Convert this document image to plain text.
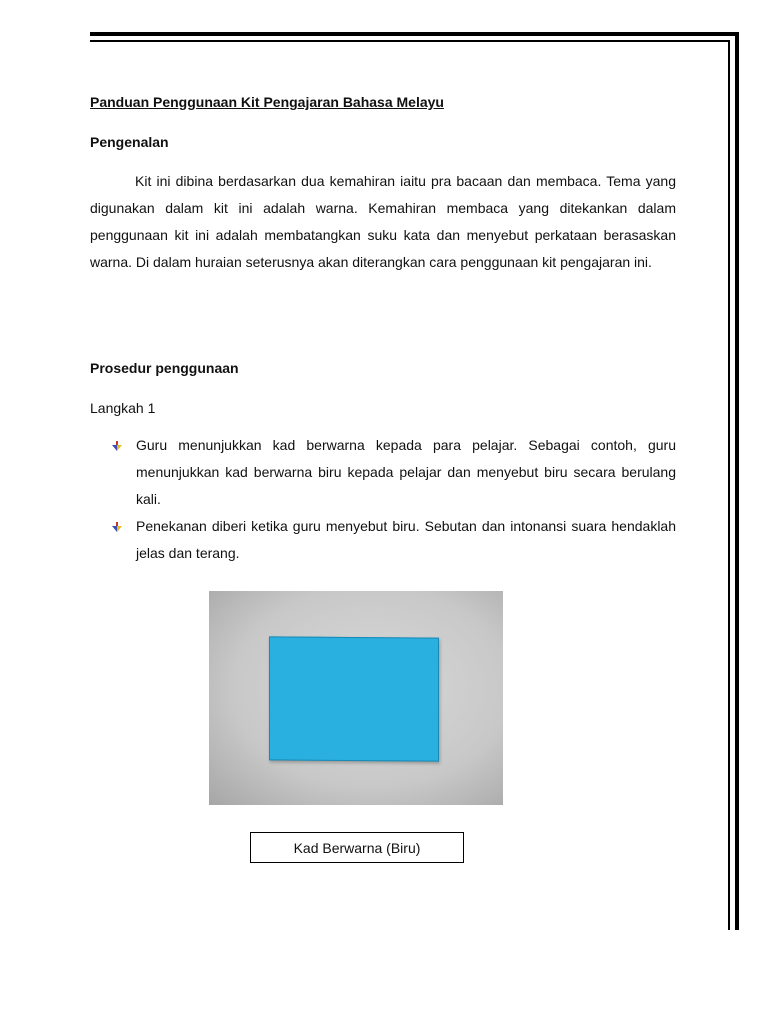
Panduan Penggunaan Kit Pengajaran Bahasa Melayu
Pengenalan

Kit ini dibina berdasarkan dua kemahiran iaitu pra bacaan dan membaca. Tema yang digunakan dalam kit ini adalah warna. Kemahiran membaca yang ditekankan dalam penggunaan kit ini adalah membatangkan suku kata dan menyebut perkataan berasaskan warna. Di dalam huraian seterusnya akan diterangkan cara penggunaan kit pengajaran ini.

Prosedur penggunaan

Langkah 1

Guru menunjukkan kad berwarna kepada para pelajar. Sebagai contoh, guru menunjukkan kad berwarna biru kepada pelajar dan menyebut biru secara berulang kali.
Penekanan diberi ketika guru menyebut biru. Sebutan dan intonansi suara hendaklah jelas dan terang.
Kad Berwarna (Biru)
